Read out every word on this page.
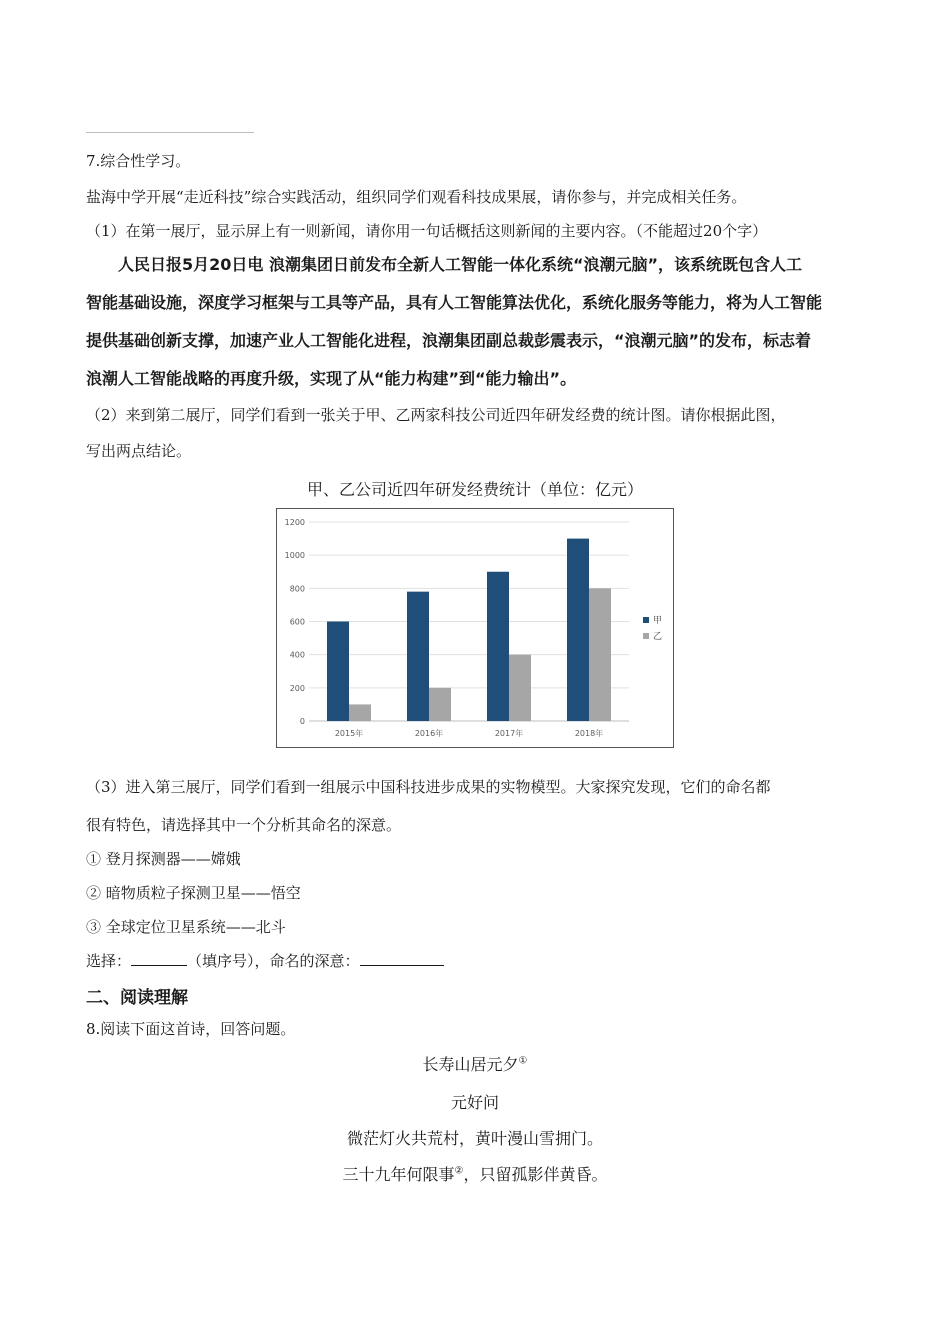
7.综合性学习。
盐海中学开展“走近科技”综合实践活动，组织同学们观看科技成果展，请你参与，并完成相关任务。
（1）在第一展厅，显示屏上有一则新闻，请你用一句话概括这则新闻的主要内容。（不能超过20个字）
人民日报5月20日电 浪潮集团日前发布全新人工智能一体化系统“浪潮元脑”，该系统既包含人工
智能基础设施，深度学习框架与工具等产品，具有人工智能算法优化，系统化服务等能力，将为人工智能
提供基础创新支撑，加速产业人工智能化进程，浪潮集团副总裁彭震表示，“浪潮元脑”的发布，标志着
浪潮人工智能战略的再度升级，实现了从“能力构建”到“能力输出”。
（2）来到第二展厅，同学们看到一张关于甲、乙两家科技公司近四年研发经费的统计图。请你根据此图，
写出两点结论。
甲、乙公司近四年研发经费统计（单位：亿元）
0
200
400
600
800
1000
1200
2015年	2016年	2017年	2018年
甲
乙
（3）进入第三展厅，同学们看到一组展示中国科技进步成果的实物模型。大家探究发现，它们的命名都
很有特色，请选择其中一个分析其命名的深意。
① 登月探测器——嫦娥
② 暗物质粒子探测卫星——悟空
③ 全球定位卫星系统——北斗
选择：	（填序号），命名的深意：
二、阅读理解
8.阅读下面这首诗，回答问题。
长寿山居元夕①
元好问
微茫灯火共荒村，黄叶漫山雪拥门。
三十九年何限事②，只留孤影伴黄昏。
